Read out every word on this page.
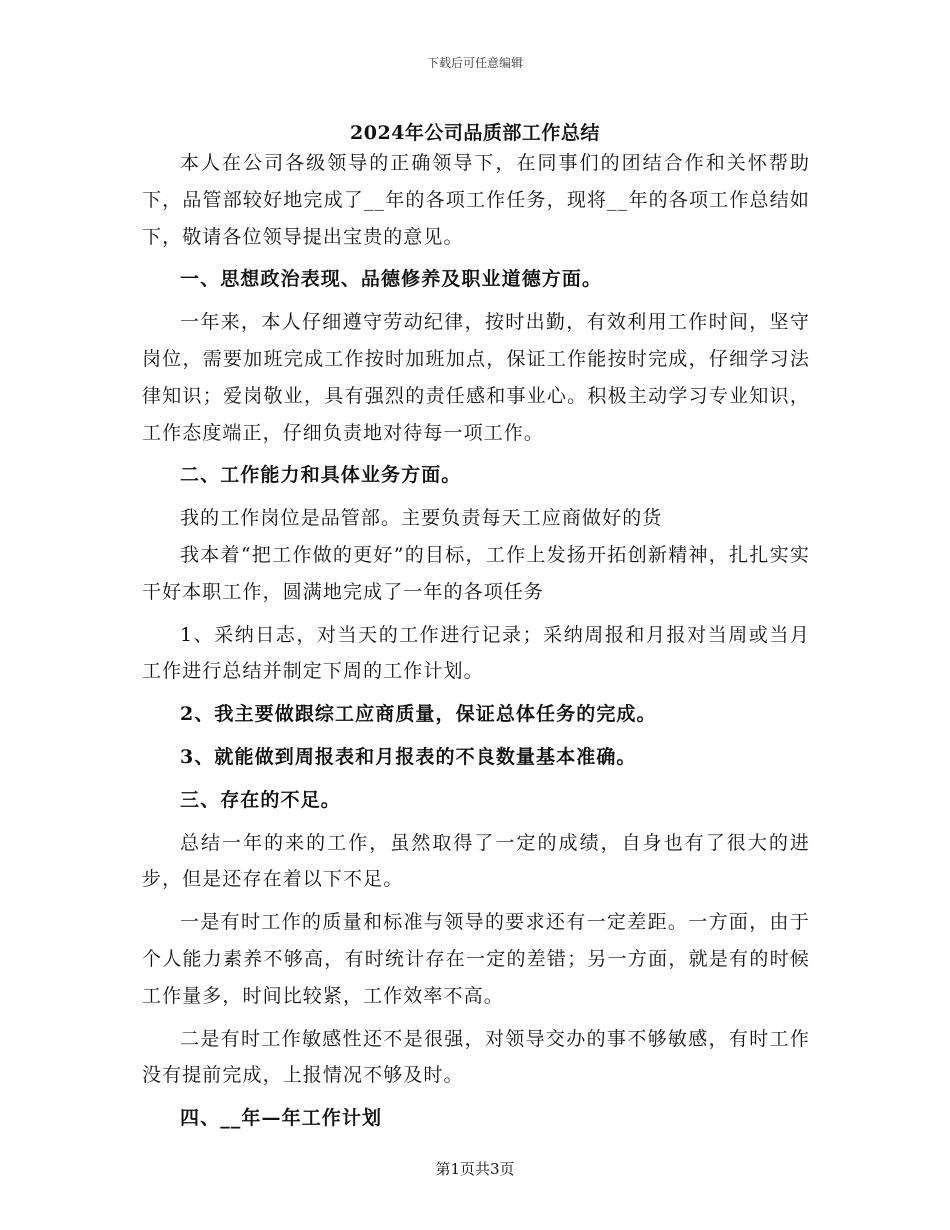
下载后可任意编辑
2024年公司品质部工作总结

本人在公司各级领导的正确领导下，在同事们的团结合作和关怀帮助下，品管部较好地完成了__年的各项工作任务，现将__年的各项工作总结如下，敬请各位领导提出宝贵的意见。

一、思想政治表现、品德修养及职业道德方面。

一年来，本人仔细遵守劳动纪律，按时出勤，有效利用工作时间，坚守岗位，需要加班完成工作按时加班加点，保证工作能按时完成，仔细学习法律知识；爱岗敬业，具有强烈的责任感和事业心。积极主动学习专业知识，工作态度端正，仔细负责地对待每一项工作。

二、工作能力和具体业务方面。

我的工作岗位是品管部。主要负责每天工应商做好的货

我本着“把工作做的更好”的目标，工作上发扬开拓创新精神，扎扎实实干好本职工作，圆满地完成了一年的各项任务

1、采纳日志，对当天的工作进行记录；采纳周报和月报对当周或当月工作进行总结并制定下周的工作计划。

2、我主要做跟综工应商质量，保证总体任务的完成。

3、就能做到周报表和月报表的不良数量基本准确。

三、存在的不足。

总结一年的来的工作，虽然取得了一定的成绩，自身也有了很大的进步，但是还存在着以下不足。

一是有时工作的质量和标准与领导的要求还有一定差距。一方面，由于个人能力素养不够高，有时统计存在一定的差错；另一方面，就是有的时候工作量多，时间比较紧，工作效率不高。

二是有时工作敏感性还不是很强，对领导交办的事不够敏感，有时工作没有提前完成，上报情况不够及时。

四、__年—年工作计划

第1页共3页
